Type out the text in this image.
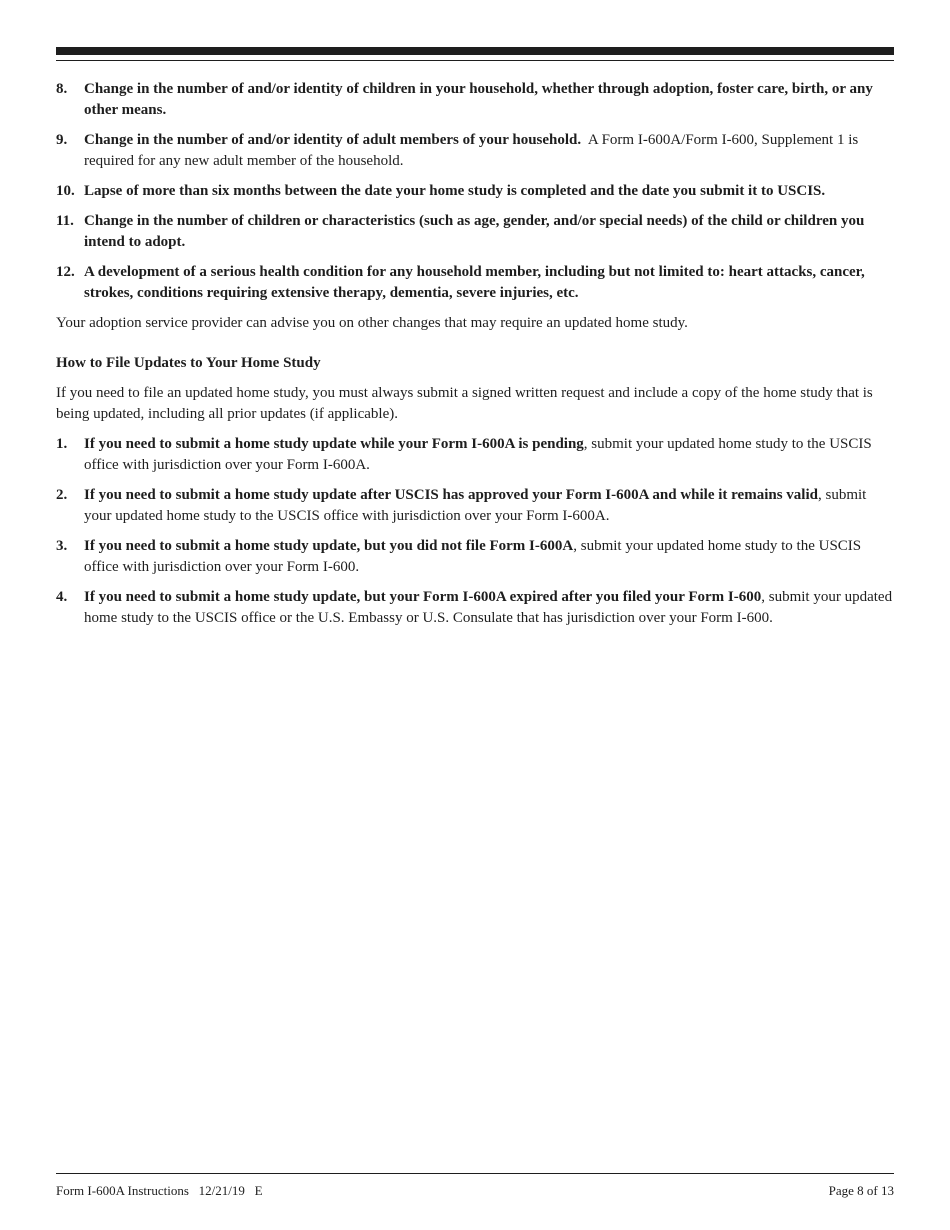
8. Change in the number of and/or identity of children in your household, whether through adoption, foster care, birth, or any other means.
9. Change in the number of and/or identity of adult members of your household.  A Form I-600A/Form I-600, Supplement 1 is required for any new adult member of the household.
10. Lapse of more than six months between the date your home study is completed and the date you submit it to USCIS.
11. Change in the number of children or characteristics (such as age, gender, and/or special needs) of the child or children you intend to adopt.
12. A development of a serious health condition for any household member, including but not limited to: heart attacks, cancer, strokes, conditions requiring extensive therapy, dementia, severe injuries, etc.

Your adoption service provider can advise you on other changes that may require an updated home study.

How to File Updates to Your Home Study

If you need to file an updated home study, you must always submit a signed written request and include a copy of the home study that is being updated, including all prior updates (if applicable).

1. If you need to submit a home study update while your Form I-600A is pending, submit your updated home study to the USCIS office with jurisdiction over your Form I-600A.
2. If you need to submit a home study update after USCIS has approved your Form I-600A and while it remains valid, submit your updated home study to the USCIS office with jurisdiction over your Form I-600A.
3. If you need to submit a home study update, but you did not file Form I-600A, submit your updated home study to the USCIS office with jurisdiction over your Form I-600.
4. If you need to submit a home study update, but your Form I-600A expired after you filed your Form I-600, submit your updated home study to the USCIS office or the U.S. Embassy or U.S. Consulate that has jurisdiction over your Form I-600.
Form I-600A Instructions   12/21/19   E	Page 8 of 13
